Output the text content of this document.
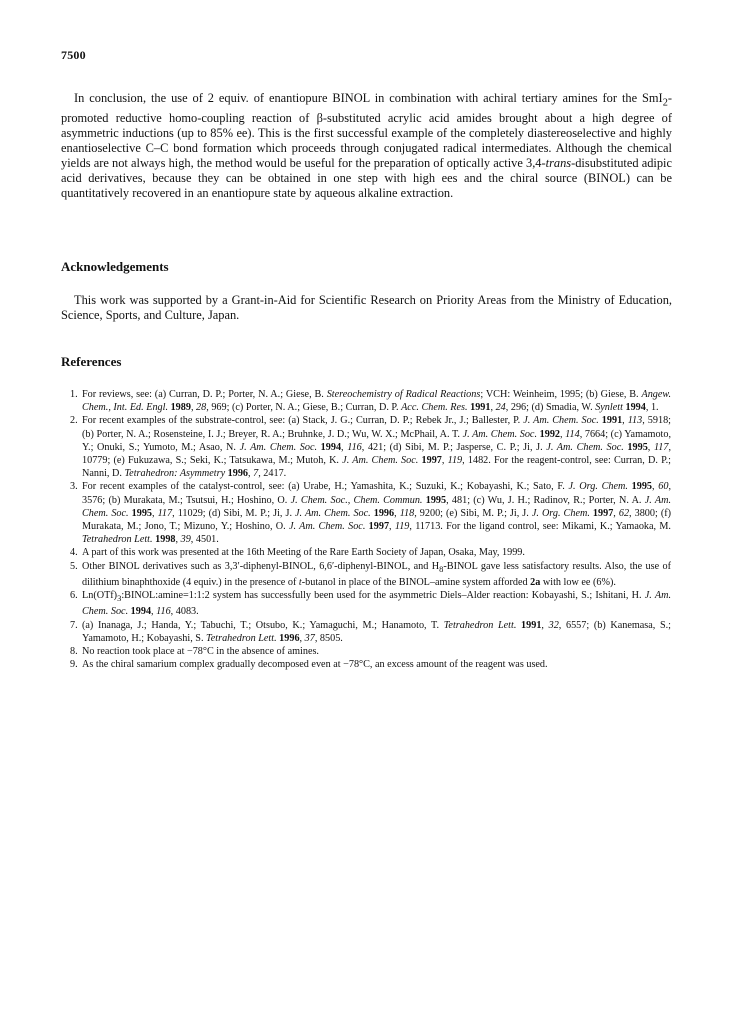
7500

In conclusion, the use of 2 equiv. of enantiopure BINOL in combination with achiral tertiary amines for the SmI$_2$-promoted reductive homo-coupling reaction of β-substituted acrylic acid amides brought about a high degree of asymmetric inductions (up to 85% ee). This is the first successful example of the completely diastereoselective and highly enantioselective C–C bond formation which proceeds through conjugated radical intermediates. Although the chemical yields are not always high, the method would be useful for the preparation of optically active 3,4-trans-disubstituted adipic acid derivatives, because they can be obtained in one step with high ees and the chiral source (BINOL) can be quantitatively recovered in an enantiopure state by aqueous alkaline extraction.

Acknowledgements

This work was supported by a Grant-in-Aid for Scientific Research on Priority Areas from the Ministry of Education, Science, Sports, and Culture, Japan.

References
1. For reviews, see: (a) Curran, D. P.; Porter, N. A.; Giese, B. Stereochemistry of Radical Reactions; VCH: Weinheim, 1995; (b) Giese, B. Angew. Chem., Int. Ed. Engl. 1989, 28, 969; (c) Porter, N. A.; Giese, B.; Curran, D. P. Acc. Chem. Res. 1991, 24, 296; (d) Smadia, W. Synlett 1994, 1.
2. For recent examples of the substrate-control, see: (a) Stack, J. G.; Curran, D. P.; Rebek Jr., J.; Ballester, P. J. Am. Chem. Soc. 1991, 113, 5918; (b) Porter, N. A.; Rosensteine, I. J.; Breyer, R. A.; Bruhnke, J. D.; Wu, W. X.; McPhail, A. T. J. Am. Chem. Soc. 1992, 114, 7664; (c) Yamamoto, Y.; Onuki, S.; Yumoto, M.; Asao, N. J. Am. Chem. Soc. 1994, 116, 421; (d) Sibi, M. P.; Jasperse, C. P.; Ji, J. J. Am. Chem. Soc. 1995, 117, 10779; (e) Fukuzawa, S.; Seki, K.; Tatsukawa, M.; Mutoh, K. J. Am. Chem. Soc. 1997, 119, 1482. For the reagent-control, see: Curran, D. P.; Nanni, D. Tetrahedron: Asymmetry 1996, 7, 2417.
3. For recent examples of the catalyst-control, see: (a) Urabe, H.; Yamashita, K.; Suzuki, K.; Kobayashi, K.; Sato, F. J. Org. Chem. 1995, 60, 3576; (b) Murakata, M.; Tsutsui, H.; Hoshino, O. J. Chem. Soc., Chem. Commun. 1995, 481; (c) Wu, J. H.; Radinov, R.; Porter, N. A. J. Am. Chem. Soc. 1995, 117, 11029; (d) Sibi, M. P.; Ji, J. J. Am. Chem. Soc. 1996, 118, 9200; (e) Sibi, M. P.; Ji, J. J. Org. Chem. 1997, 62, 3800; (f) Murakata, M.; Jono, T.; Mizuno, Y.; Hoshino, O. J. Am. Chem. Soc. 1997, 119, 11713. For the ligand control, see: Mikami, K.; Yamaoka, M. Tetrahedron Lett. 1998, 39, 4501.
4. A part of this work was presented at the 16th Meeting of the Rare Earth Society of Japan, Osaka, May, 1999.
5. Other BINOL derivatives such as 3,3′-diphenyl-BINOL, 6,6′-diphenyl-BINOL, and $H_8$-BINOL gave less satisfactory results. Also, the use of dilithium binaphthoxide (4 equiv.) in the presence of t-butanol in place of the BINOL–amine system afforded 2a with low ee (6%).
6. $Ln(OTf)_3:BINOL:amine=1:1:2$ system has successfully been used for the asymmetric Diels–Alder reaction: Kobayashi, S.; Ishitani, H. J. Am. Chem. Soc. 1994, 116, 4083.
7. (a) Inanaga, J.; Handa, Y.; Tabuchi, T.; Otsubo, K.; Yamaguchi, M.; Hanamoto, T. Tetrahedron Lett. 1991, 32, 6557; (b) Kanemasa, S.; Yamamoto, H.; Kobayashi, S. Tetrahedron Lett. 1996, 37, 8505.
8. No reaction took place at −78°C in the absence of amines.
9. As the chiral samarium complex gradually decomposed even at −78°C, an excess amount of the reagent was used.
